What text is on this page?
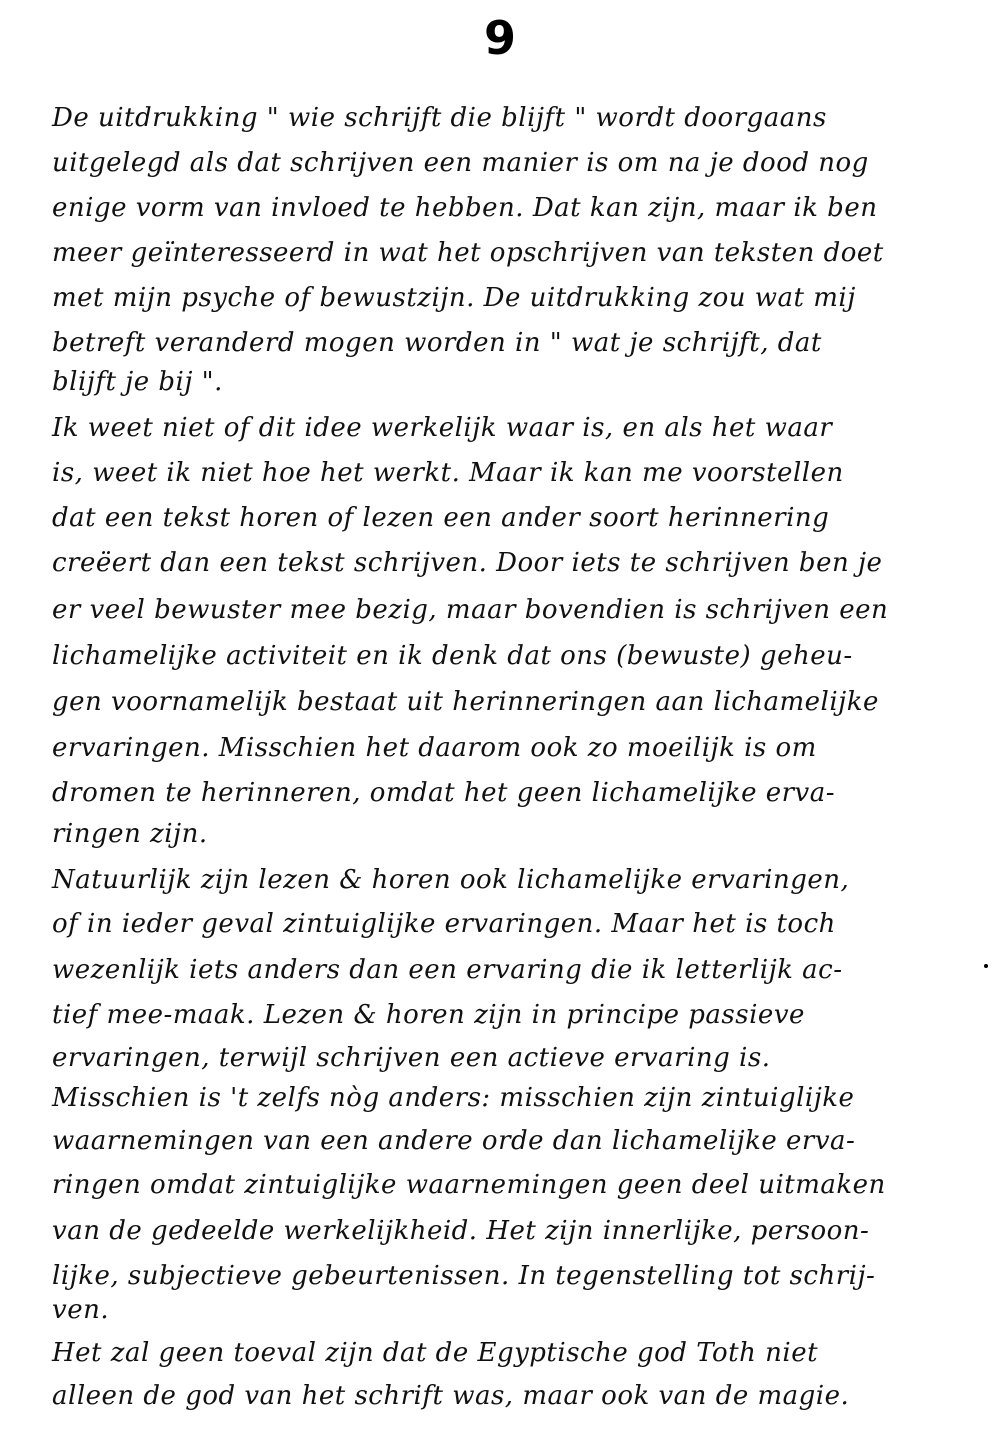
9
De uitdrukking " wie schrijft die blijft " wordt doorgaans
uitgelegd als dat schrijven een manier is om na je dood nog
enige vorm van invloed te hebben. Dat kan zijn, maar ik ben
meer geïnteresseerd in wat het opschrijven van teksten doet
met mijn psyche of bewustzijn. De uitdrukking zou wat mij
betreft veranderd mogen worden in " wat je schrijft, dat
blijft je bij ".
Ik weet niet of dit idee werkelijk waar is, en als het waar
is, weet ik niet hoe het werkt. Maar ik kan me voorstellen
dat een tekst horen of lezen een ander soort herinnering
creëert dan een tekst schrijven. Door iets te schrijven ben je
er veel bewuster mee bezig, maar bovendien is schrijven een
lichamelijke activiteit en ik denk dat ons (bewuste) geheu-
gen voornamelijk bestaat uit herinneringen aan lichamelijke
ervaringen. Misschien het daarom ook zo moeilijk is om
dromen te herinneren, omdat het geen lichamelijke erva-
ringen zijn.
Natuurlijk zijn lezen & horen ook lichamelijke ervaringen,
of in ieder geval zintuiglijke ervaringen. Maar het is toch
wezenlijk iets anders dan een ervaring die ik letterlijk ac-
tief mee-maak. Lezen & horen zijn in principe passieve
ervaringen, terwijl schrijven een actieve ervaring is.
Misschien is 't zelfs nòg anders: misschien zijn zintuiglijke
waarnemingen van een andere orde dan lichamelijke erva-
ringen omdat zintuiglijke waarnemingen geen deel uitmaken
van de gedeelde werkelijkheid. Het zijn innerlijke, persoon-
lijke, subjectieve gebeurtenissen. In tegenstelling tot schrij-
ven.
Het zal geen toeval zijn dat de Egyptische god Toth niet
alleen de god van het schrift was, maar ook van de magie.
